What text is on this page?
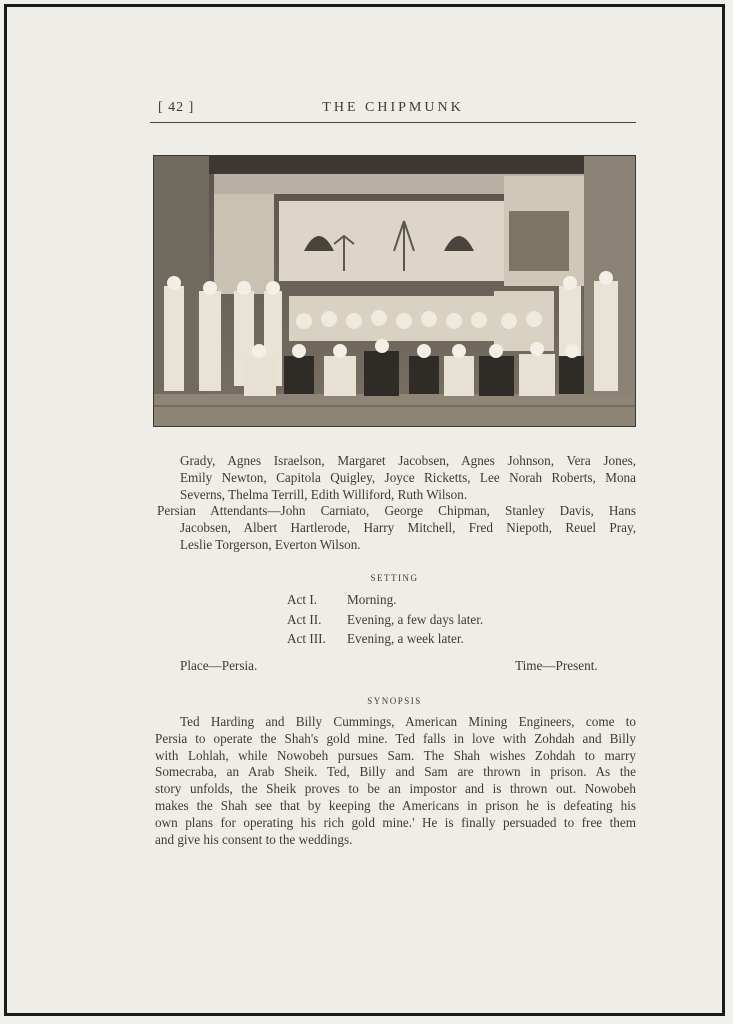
[ 42 ]	THE CHIPMUNK
Grady, Agnes Israelson, Margaret Jacobsen, Agnes Johnson, Vera Jones,
Emily Newton, Capitola Quigley, Joyce Ricketts, Lee Norah Roberts, Mona
Severns, Thelma Terrill, Edith Williford, Ruth Wilson.
Persian Attendants—John Carniato, George Chipman, Stanley Davis, Hans
Jacobsen, Albert Hartlerode, Harry Mitchell, Fred Niepoth, Reuel Pray,
Leslie Torgerson, Everton Wilson.
SETTING
Act I.	Morning.
Act II.	Evening, a few days later.
Act III.	Evening, a week later.
Place—Persia.	Time—Present.
SYNOPSIS
Ted Harding and Billy Cummings, American Mining Engineers, come to
Persia to operate the Shah's gold mine. Ted falls in love with Zohdah and Billy
with Lohlah, while Nowobeh pursues Sam. The Shah wishes Zohdah to marry
Somecraba, an Arab Sheik. Ted, Billy and Sam are thrown in prison. As the
story unfolds, the Sheik proves to be an impostor and is thrown out. Nowobeh
makes the Shah see that by keeping the Americans in prison he is defeating his
own plans for operating his rich gold mine.' He is finally persuaded to free them
and give his consent to the weddings.
